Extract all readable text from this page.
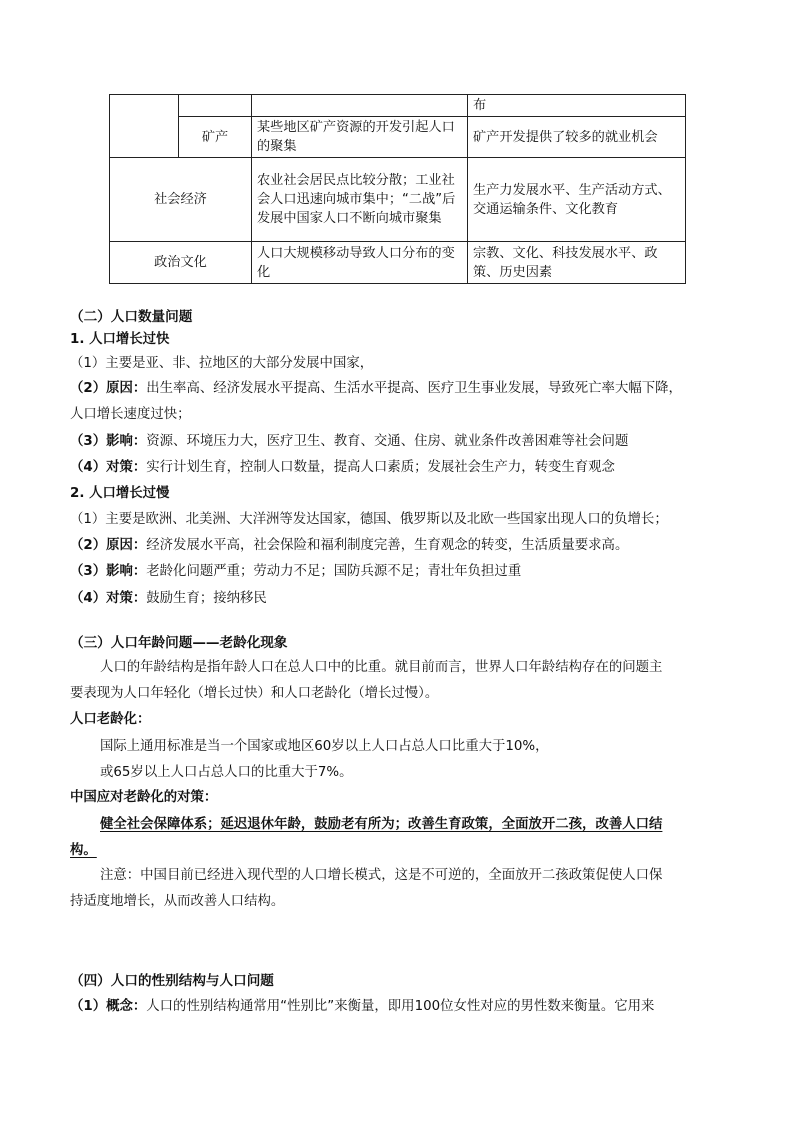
			布
	矿产	某些地区矿产资源的开发引起人口的聚集	矿产开发提供了较多的就业机会
社会经济		农业社会居民点比较分散；工业社会人口迅速向城市集中；“二战”后发展中国家人口不断向城市聚集	生产力发展水平、生产活动方式、交通运输条件、文化教育
政治文化		人口大规模移动导致人口分布的变化	宗教、文化、科技发展水平、政策、历史因素
（二）人口数量问题
1. 人口增长过快
（1）主要是亚、非、拉地区的大部分发展中国家，
（2）原因：出生率高、经济发展水平提高、生活水平提高、医疗卫生事业发展，导致死亡率大幅下降，
人口增长速度过快；
（3）影响：资源、环境压力大，医疗卫生、教育、交通、住房、就业条件改善困难等社会问题
（4）对策：实行计划生育，控制人口数量，提高人口素质；发展社会生产力，转变生育观念
2. 人口增长过慢
（1）主要是欧洲、北美洲、大洋洲等发达国家，德国、俄罗斯以及北欧一些国家出现人口的负增长；
（2）原因：经济发展水平高，社会保险和福利制度完善，生育观念的转变，生活质量要求高。
（3）影响：老龄化问题严重；劳动力不足；国防兵源不足；青壮年负担过重
（4）对策：鼓励生育；接纳移民
（三）人口年龄问题——老龄化现象
人口的年龄结构是指年龄人口在总人口中的比重。就目前而言，世界人口年龄结构存在的问题主
要表现为人口年轻化（增长过快）和人口老龄化（增长过慢）。
人口老龄化：
国际上通用标准是当一个国家或地区60岁以上人口占总人口比重大于10%，
或65岁以上人口占总人口的比重大于7%。
中国应对老龄化的对策：
健全社会保障体系；延迟退休年龄，鼓励老有所为；改善生育政策，全面放开二孩，改善人口结
构。
注意：中国目前已经进入现代型的人口增长模式，这是不可逆的，全面放开二孩政策促使人口保
持适度地增长，从而改善人口结构。
（四）人口的性别结构与人口问题
（1）概念：人口的性别结构通常用“性别比”来衡量，即用100位女性对应的男性数来衡量。它用来
